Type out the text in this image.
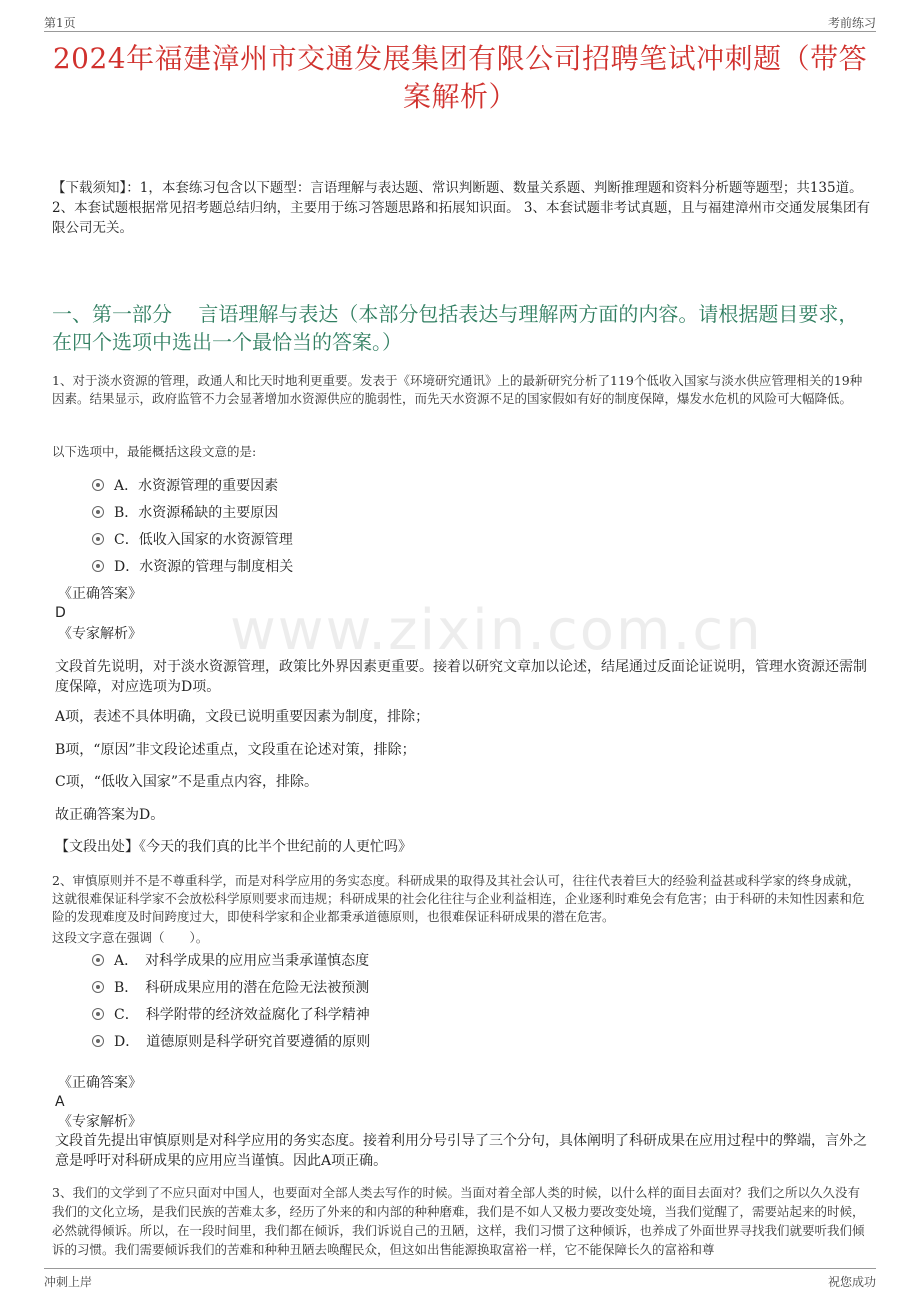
第1页	考前练习
www.zixin.com.cn
2024年福建漳州市交通发展集团有限公司招聘笔试冲刺题（带答案解析）
【下载须知】：1，本套练习包含以下题型：言语理解与表达题、常识判断题、数量关系题、判断推理题和资料分析题等题型；共135道。 2、本套试题根据常见招考题总结归纳，主要用于练习答题思路和拓展知识面。 3、本套试题非考试真题，且与福建漳州市交通发展集团有限公司无关。
一、第一部分　 言语理解与表达（本部分包括表达与理解两方面的内容。请根据题目要求，在四个选项中选出一个最恰当的答案。）
1、对于淡水资源的管理，政通人和比天时地利更重要。发表于《环境研究通讯》上的最新研究分析了119个低收入国家与淡水供应管理相关的19种因素。结果显示，政府监管不力会显著增加水资源供应的脆弱性，而先天水资源不足的国家假如有好的制度保障，爆发水危机的风险可大幅降低。
以下选项中，最能概括这段文意的是:
A．水资源管理的重要因素
B．水资源稀缺的主要原因
C．低收入国家的水资源管理
D．水资源的管理与制度相关
《正确答案》
D
《专家解析》
文段首先说明，对于淡水资源管理，政策比外界因素更重要。接着以研究文章加以论述，结尾通过反面论证说明，管理水资源还需制度保障，对应选项为D项。
A项，表述不具体明确，文段已说明重要因素为制度，排除；
B项，“原因”非文段论述重点，文段重在论述对策，排除；
C项，“低收入国家”不是重点内容，排除。
故正确答案为D。
【文段出处】《今天的我们真的比半个世纪前的人更忙吗》
2、审慎原则并不是不尊重科学，而是对科学应用的务实态度。科研成果的取得及其社会认可，往往代表着巨大的经验利益甚或科学家的终身成就，这就很难保证科学家不会放松科学原则要求而违规；科研成果的社会化往往与企业利益相连，企业逐利时难免会有危害；由于科研的未知性因素和危险的发现难度及时间跨度过大，即使科学家和企业都秉承道德原则，也很难保证科研成果的潜在危害。
这段文字意在强调（　　）。
A．　对科学成果的应用应当秉承谨慎态度
B．　科研成果应用的潜在危险无法被预测
C．　科学附带的经济效益腐化了科学精神
D．　道德原则是科学研究首要遵循的原则
《正确答案》
A
《专家解析》
文段首先提出审慎原则是对科学应用的务实态度。接着利用分号引导了三个分句，具体阐明了科研成果在应用过程中的弊端，言外之意是呼吁对科研成果的应用应当谨慎。因此A项正确。
3、我们的文学到了不应只面对中国人，也要面对全部人类去写作的时候。当面对着全部人类的时候，以什么样的面目去面对？我们之所以久久没有我们的文化立场，是我们民族的苦难太多，经历了外来的和内部的种种磨难，我们是不如人又极力要改变处境，当我们觉醒了，需要站起来的时候，必然就得倾诉。所以，在一段时间里，我们都在倾诉，我们诉说自己的丑陋，这样，我们习惯了这种倾诉，也养成了外面世界寻找我们就要听我们倾诉的习惯。我们需要倾诉我们的苦难和种种丑陋去唤醒民众，但这如出售能源换取富裕一样，它不能保障长久的富裕和尊
冲刺上岸	祝您成功
